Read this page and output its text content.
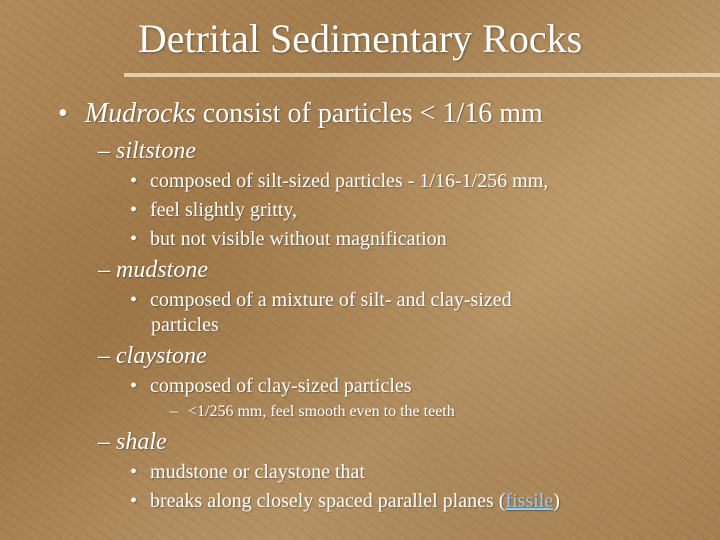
Detrital Sedimentary Rocks
• Mudrocks consist of particles < 1/16 mm
– siltstone
• composed of silt-sized particles - 1/16-1/256 mm,
• feel slightly gritty,
• but not visible without magnification
– mudstone
• composed of a mixture of silt- and clay-sized
particles
– claystone
• composed of clay-sized particles
– <1/256 mm, feel smooth even to the teeth
– shale
• mudstone or claystone that
• breaks along closely spaced parallel planes (fissile)
